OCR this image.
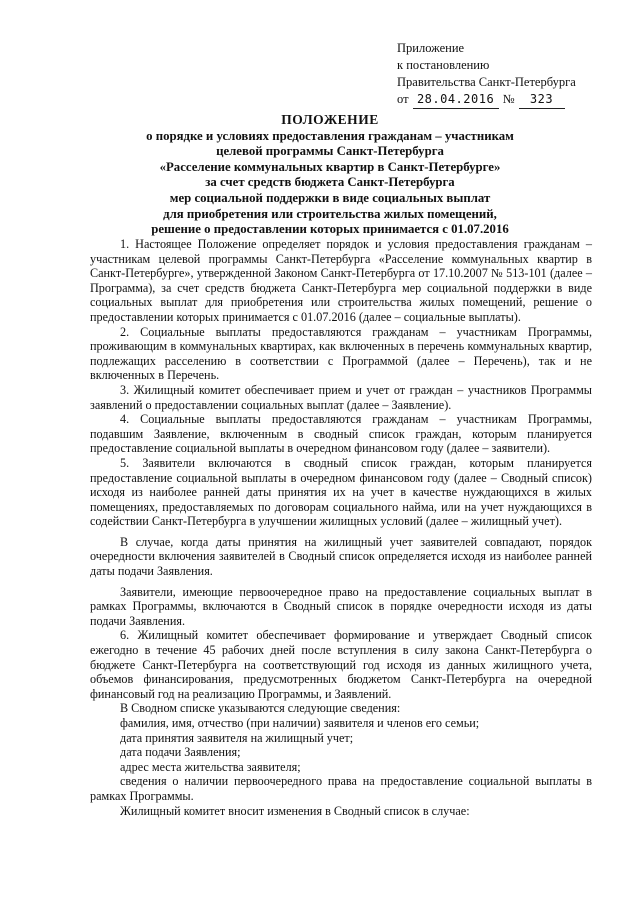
Приложение
к постановлению
Правительства Санкт-Петербурга
от 28.04.2016 № 323
ПОЛОЖЕНИЕ
о порядке и условиях предоставления гражданам – участникам
целевой программы Санкт-Петербурга
«Расселение коммунальных квартир в Санкт-Петербурге»
за счет средств бюджета Санкт-Петербурга
мер социальной поддержки в виде социальных выплат
для приобретения или строительства жилых помещений,
решение о предоставлении которых принимается с 01.07.2016

1. Настоящее Положение определяет порядок и условия предоставления гражданам – участникам целевой программы Санкт-Петербурга «Расселение коммунальных квартир в Санкт-Петербурге», утвержденной Законом Санкт-Петербурга от 17.10.2007 № 513-101 (далее – Программа), за счет средств бюджета Санкт-Петербурга мер социальной поддержки в виде социальных выплат для приобретения или строительства жилых помещений, решение о предоставлении которых принимается с 01.07.2016 (далее – социальные выплаты).

2. Социальные выплаты предоставляются гражданам – участникам Программы, проживающим в коммунальных квартирах, как включенных в перечень коммунальных квартир, подлежащих расселению в соответствии с Программой (далее – Перечень), так и не включенных в Перечень.

3. Жилищный комитет обеспечивает прием и учет от граждан – участников Программы заявлений о предоставлении социальных выплат (далее – Заявление).

4. Социальные выплаты предоставляются гражданам – участникам Программы, подавшим Заявление, включенным в сводный список граждан, которым планируется предоставление социальной выплаты в очередном финансовом году (далее – заявители).

5. Заявители включаются в сводный список граждан, которым планируется предоставление социальной выплаты в очередном финансовом году (далее – Сводный список) исходя из наиболее ранней даты принятия их на учет в качестве нуждающихся в жилых помещениях, предоставляемых по договорам социального найма, или на учет нуждающихся в содействии Санкт-Петербурга в улучшении жилищных условий (далее – жилищный учет).

В случае, когда даты принятия на жилищный учет заявителей совпадают, порядок очередности включения заявителей в Сводный список определяется исходя из наиболее ранней даты подачи Заявления.

Заявители, имеющие первоочередное право на предоставление социальных выплат в рамках Программы, включаются в Сводный список в порядке очередности исходя из даты подачи Заявления.

6. Жилищный комитет обеспечивает формирование и утверждает Сводный список ежегодно в течение 45 рабочих дней после вступления в силу закона Санкт-Петербурга о бюджете Санкт-Петербурга на соответствующий год исходя из данных жилищного учета, объемов финансирования, предусмотренных бюджетом Санкт-Петербурга на очередной финансовый год на реализацию Программы, и Заявлений.

В Сводном списке указываются следующие сведения:

фамилия, имя, отчество (при наличии) заявителя и членов его семьи;

дата принятия заявителя на жилищный учет;

дата подачи Заявления;

адрес места жительства заявителя;

сведения о наличии первоочередного права на предоставление социальной выплаты в рамках Программы.

Жилищный комитет вносит изменения в Сводный список в случае:
